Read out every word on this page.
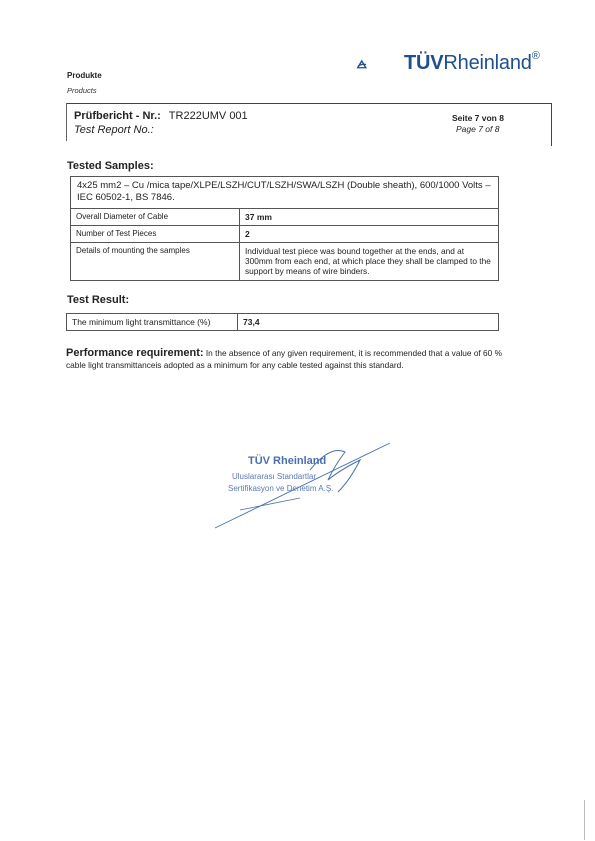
Produkte
Products
TÜVRheinland®
Prüfbericht - Nr.: TR222UMV 001
Test Report No.:
Seite 7 von 8
Page 7 of 8
Tested Samples:
4x25 mm2 – Cu /mica tape/XLPE/LSZH/CUT/LSZH/SWA/LSZH (Double sheath), 600/1000 Volts – IEC 60502-1, BS 7846.	
Overall Diameter of Cable	37 mm
Number of Test Pieces	2
Details of mounting the samples	Individual test piece was bound together at the ends, and at 300mm from each end, at which place they shall be clamped to the support by means of wire binders.
Test Result:
The minimum light transmittance (%)	73,4
Performance requirement: In the absence of any given requirement, it is recommended that a value of 60 % cable light transmittanceis adopted as a minimum for any cable tested against this standard.
TÜV Rheinland
Uluslararası Standartlar
Sertifikasyon ve Denetim A.Ş.
